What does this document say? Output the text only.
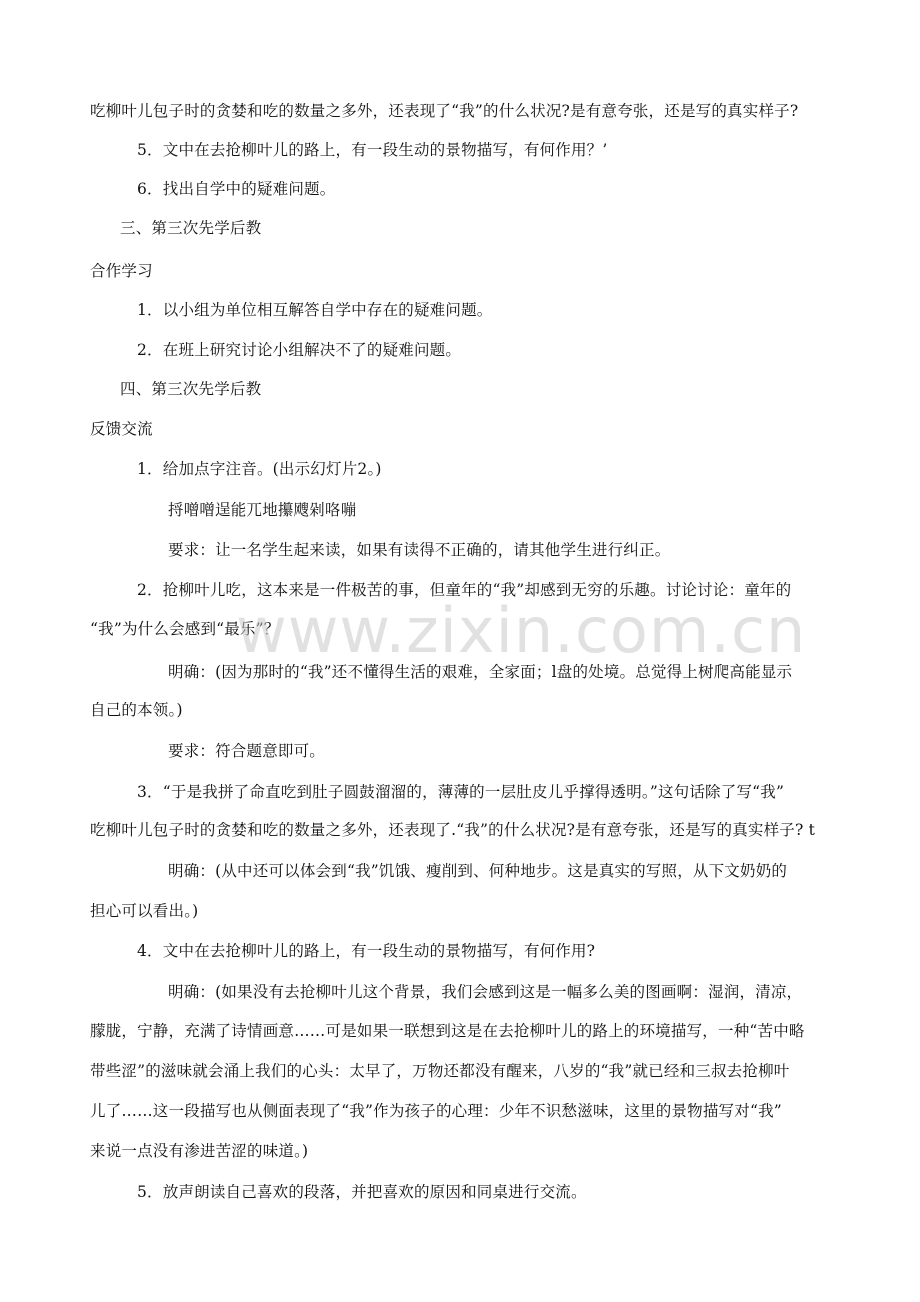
吃柳叶儿包子时的贪婪和吃的数量之多外，还表现了“我”的什么状况?是有意夸张，还是写的真实样子?
5．文中在去抢柳叶儿的路上，有一段生动的景物描写，有何作用？’
6．找出自学中的疑难问题。
三、第三次先学后教
合作学习
1．以小组为单位相互解答自学中存在的疑难问题。
2．在班上研究讨论小组解决不了的疑难问题。
四、第三次先学后教
反馈交流
1．给加点字注音。(出示幻灯片2。)
捋噌噌逞能兀地攥飕剁咯嘣
要求：让一名学生起来读，如果有读得不正确的，请其他学生进行纠正。
2．抢柳叶儿吃，这本来是一件极苦的事，但童年的“我”却感到无穷的乐趣。讨论讨论：童年的
“我”为什么会感到“最乐”？
明确：(因为那时的“我”还不懂得生活的艰难，全家面；l盘的处境。总觉得上树爬高能显示
自己的本领。)
要求：符合题意即可。
3．“于是我拼了命直吃到肚子圆鼓溜溜的，薄薄的一层肚皮儿乎撑得透明。”这句话除了写“我”
吃柳叶儿包子时的贪婪和吃的数量之多外，还表现了.“我”的什么状况?是有意夸张，还是写的真实样子? t
明确：(从中还可以体会到“我”饥饿、瘦削到、何种地步。这是真实的写照，从下文奶奶的
担心可以看出。)
4．文中在去抢柳叶儿的路上，有一段生动的景物描写，有何作用?
明确：(如果没有去抢柳叶儿这个背景，我们会感到这是一幅多么美的图画啊：湿润，清凉，
朦胧，宁静，充满了诗情画意……可是如果一联想到这是在去抢柳叶儿的路上的环境描写，一种“苦中略
带些涩”的滋味就会涌上我们的心头：太早了，万物还都没有醒来，八岁的“我”就已经和三叔去抢柳叶
儿了……这一段描写也从侧面表现了“我”作为孩子的心理：少年不识愁滋味，这里的景物描写对“我”
来说一点没有渗进苦涩的味道。)
5．放声朗读自己喜欢的段落，并把喜欢的原因和同桌进行交流。
www.zixin.com.cn
